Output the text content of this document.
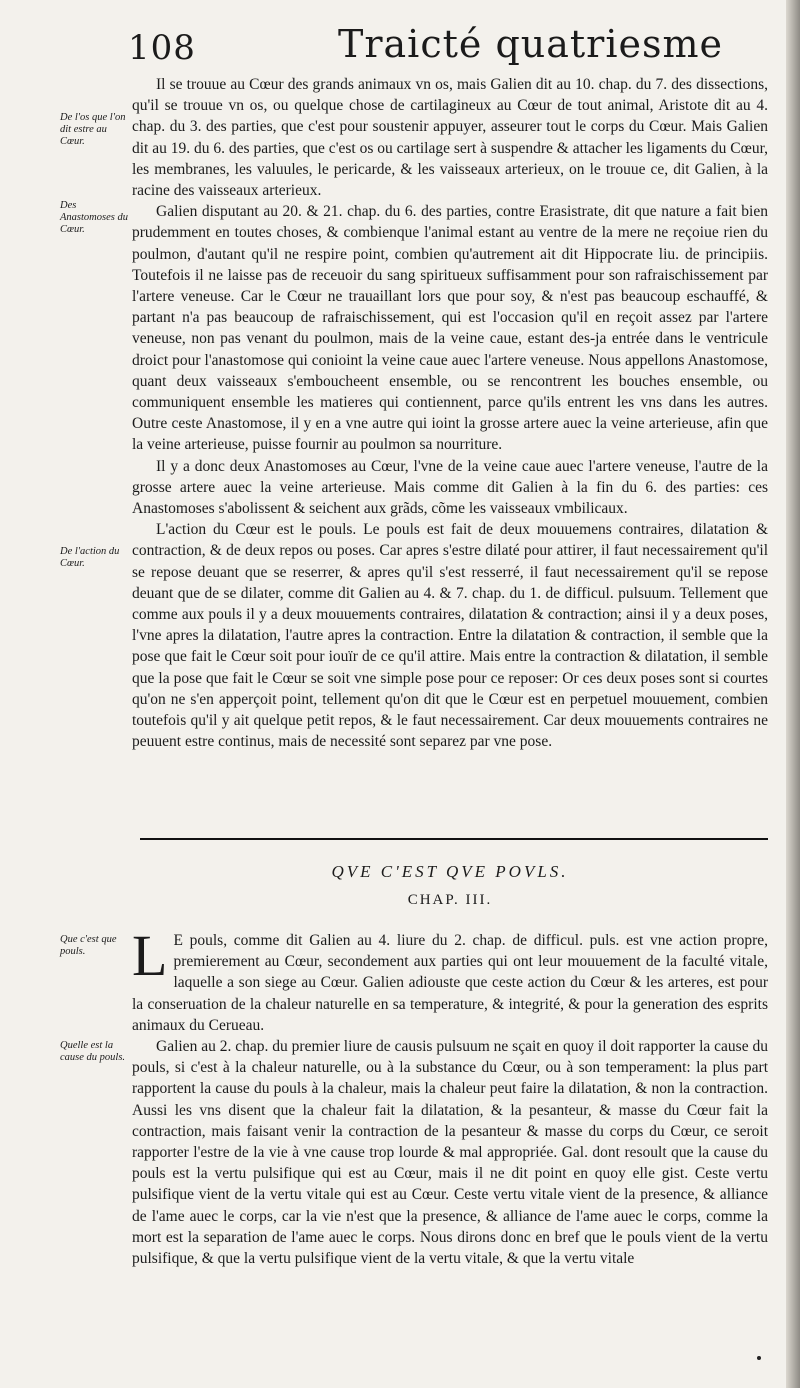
108	Traicté quatriesme

Il se trouue au Cœur des grands animaux vn os, mais Galien dit au 10. chap. du 7. des dissections, qu'il se trouue vn os, ou quelque chose de cartilagineux au Cœur de tout animal, Aristote dit au 4. chap. du 3. des parties, que c'est pour soustenir appuyer, asseurer tout le corps du Cœur. Mais Galien dit au 19. du 6. des parties, que c'est os ou cartilage sert à suspendre & attacher les ligaments du Cœur, les membranes, les valuules, le pericarde, & les vaisseaux arterieux, on le trouue ce, dit Galien, à la racine des vaisseaux arterieux.

Galien disputant au 20. & 21. chap. du 6. des parties, contre Erasistrate, dit que nature a fait bien prudemment en toutes choses, & combienque l'animal estant au ventre de la mere ne reçoiue rien du poulmon, d'autant qu'il ne respire point, combien qu'autrement ait dit Hippocrate liu. de principiis. Toutefois il ne laisse pas de receuoir du sang spiritueux suffisamment pour son rafraischissement par l'artere veneuse. Car le Cœur ne trauaillant lors que pour soy, & n'est pas beaucoup eschauffé, & partant n'a pas beaucoup de rafraischissement, qui est l'occasion qu'il en reçoit assez par l'artere veneuse, non pas venant du poulmon, mais de la veine caue, estant des-ja entrée dans le ventricule droict pour l'anastomose qui conioint la veine caue auec l'artere veneuse. Nous appellons Anastomose, quant deux vaisseaux s'emboucheent ensemble, ou se rencontrent les bouches ensemble, ou communiquent ensemble les matieres qui contiennent, parce qu'ils entrent les vns dans les autres. Outre ceste Anastomose, il y en a vne autre qui ioint la grosse artere auec la veine arterieuse, afin que la veine arterieuse, puisse fournir au poulmon sa nourriture.

Il y a donc deux Anastomoses au Cœur, l'vne de la veine caue auec l'artere veneuse, l'autre de la grosse artere auec la veine arterieuse. Mais comme dit Galien à la fin du 6. des parties: ces Anastomoses s'abolissent & seichent aux grãds, cõme les vaisseaux vmbilicaux.

L'action du Cœur est le pouls. Le pouls est fait de deux mouuemens contraires, dilatation & contraction, & de deux repos ou poses. Car apres s'estre dilaté pour attirer, il faut necessairement qu'il se repose deuant que se reserrer, & apres qu'il s'est resserré, il faut necessairement qu'il se repose deuant que de se dilater, comme dit Galien au 4. & 7. chap. du 1. de difficul. pulsuum. Tellement que comme aux pouls il y a deux mouuements contraires, dilatation & contraction; ainsi il y a deux poses, l'vne apres la dilatation, l'autre apres la contraction. Entre la dilatation & contraction, il semble que la pose que fait le Cœur soit pour iouïr de ce qu'il attire. Mais entre la contraction & dilatation, il semble que la pose que fait le Cœur se soit vne simple pose pour ce reposer: Or ces deux poses sont si courtes qu'on ne s'en apperçoit point, tellement qu'on dit que le Cœur est en perpetuel mouuement, combien toutefois qu'il y ait quelque petit repos, & le faut necessairement. Car deux mouuements contraires ne peuuent estre continus, mais de necessité sont separez par vne pose.

De l'os que l'on dit estre au Cœur.

Des Anastomoses du Cœur.

De l'action du Cœur.

QVE C'EST QVE POVLS.
CHAP. III.

L E pouls, comme dit Galien au 4. liure du 2. chap. de difficul. puls. est vne action propre, premierement au Cœur, secondement aux parties qui ont leur mouuement de la faculté vitale, laquelle a son siege au Cœur. Galien adiouste que ceste action du Cœur & les arteres, est pour la conseruation de la chaleur naturelle en sa temperature, & integrité, & pour la generation des esprits animaux du Cerueau.

Galien au 2. chap. du premier liure de causis pulsuum ne sçait en quoy il doit rapporter la cause du pouls, si c'est à la chaleur naturelle, ou à la substance du Cœur, ou à son temperament: la plus part rapportent la cause du pouls à la chaleur, mais la chaleur peut faire la dilatation, & non la contraction. Aussi les vns disent que la chaleur fait la dilatation, & la pesanteur, & masse du Cœur fait la contraction, mais faisant venir la contraction de la pesanteur & masse du corps du Cœur, ce seroit rapporter l'estre de la vie à vne cause trop lourde & mal appropriée. Gal. dont resoult que la cause du pouls est la vertu pulsifique qui est au Cœur, mais il ne dit point en quoy elle gist. Ceste vertu pulsifique vient de la vertu vitale qui est au Cœur. Ceste vertu vitale vient de la presence, & alliance de l'ame auec le corps, car la vie n'est que la presence, & alliance de l'ame auec le corps, comme la mort est la separation de l'ame auec le corps. Nous dirons donc en bref que le pouls vient de la vertu pulsifique, & que la vertu pulsifique vient de la vertu vitale, & que la vertu vitale

Que c'est que pouls.

Quelle est la cause du pouls.
